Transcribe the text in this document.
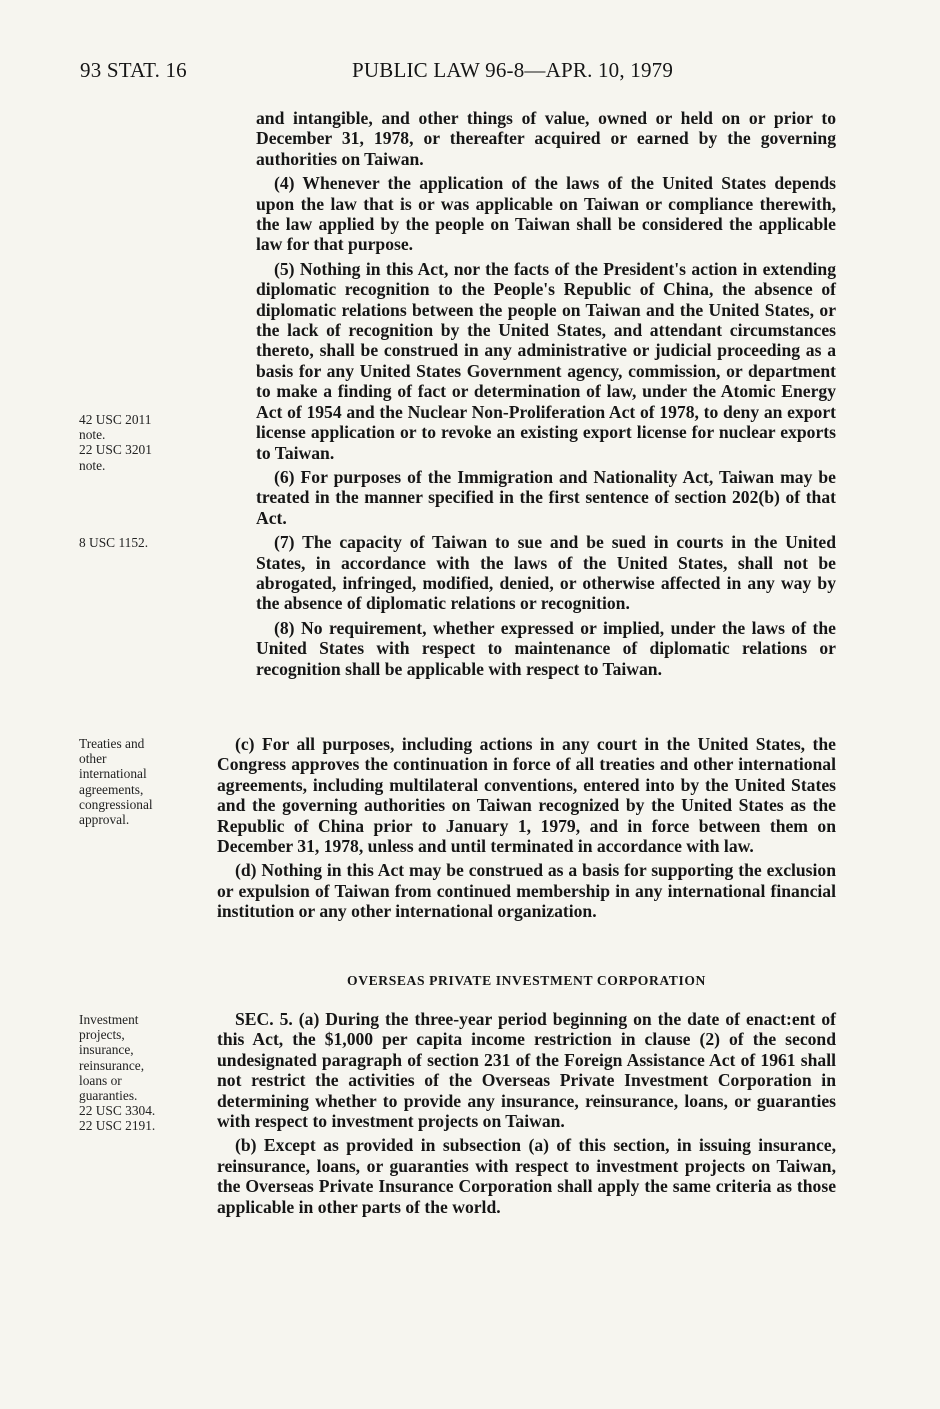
93 STAT. 16	PUBLIC LAW 96-8—APR. 10, 1979

and intangible, and other things of value, owned or held on or prior to December 31, 1978, or thereafter acquired or earned by the governing authorities on Taiwan.

(4) Whenever the application of the laws of the United States depends upon the law that is or was applicable on Taiwan or compliance therewith, the law applied by the people on Taiwan shall be considered the applicable law for that purpose.

(5) Nothing in this Act, nor the facts of the President's action in extending diplomatic recognition to the People's Republic of China, the absence of diplomatic relations between the people on Taiwan and the United States, or the lack of recognition by the United States, and attendant circumstances thereto, shall be construed in any administrative or judicial proceeding as a basis for any United States Government agency, commission, or department to make a finding of fact or determination of law, under the Atomic Energy Act of 1954 and the Nuclear Non-Proliferation Act of 1978, to deny an export license application or to revoke an existing export license for nuclear exports to Taiwan.

(6) For purposes of the Immigration and Nationality Act, Taiwan may be treated in the manner specified in the first sentence of section 202(b) of that Act.

(7) The capacity of Taiwan to sue and be sued in courts in the United States, in accordance with the laws of the United States, shall not be abrogated, infringed, modified, denied, or otherwise affected in any way by the absence of diplomatic relations or recognition.

(8) No requirement, whether expressed or implied, under the laws of the United States with respect to maintenance of diplomatic relations or recognition shall be applicable with respect to Taiwan.

(c) For all purposes, including actions in any court in the United States, the Congress approves the continuation in force of all treaties and other international agreements, including multilateral conventions, entered into by the United States and the governing authorities on Taiwan recognized by the United States as the Republic of China prior to January 1, 1979, and in force between them on December 31, 1978, unless and until terminated in accordance with law.

(d) Nothing in this Act may be construed as a basis for supporting the exclusion or expulsion of Taiwan from continued membership in any international financial institution or any other international organization.

OVERSEAS PRIVATE INVESTMENT CORPORATION

SEC. 5. (a) During the three-year period beginning on the date of enact:ent of this Act, the $1,000 per capita income restriction in clause (2) of the second undesignated paragraph of section 231 of the Foreign Assistance Act of 1961 shall not restrict the activities of the Overseas Private Investment Corporation in determining whether to provide any insurance, reinsurance, loans, or guaranties with respect to investment projects on Taiwan.

(b) Except as provided in subsection (a) of this section, in issuing insurance, reinsurance, loans, or guaranties with respect to investment projects on Taiwan, the Overseas Private Insurance Corporation shall apply the same criteria as those applicable in other parts of the world.

42 USC 2011
note.
22 USC 3201
note.
8 USC 1152.
Treaties and
other
international
agreements,
congressional
approval.
Investment
projects,
insurance,
reinsurance,
loans or
guaranties.
22 USC 3304.
22 USC 2191.
